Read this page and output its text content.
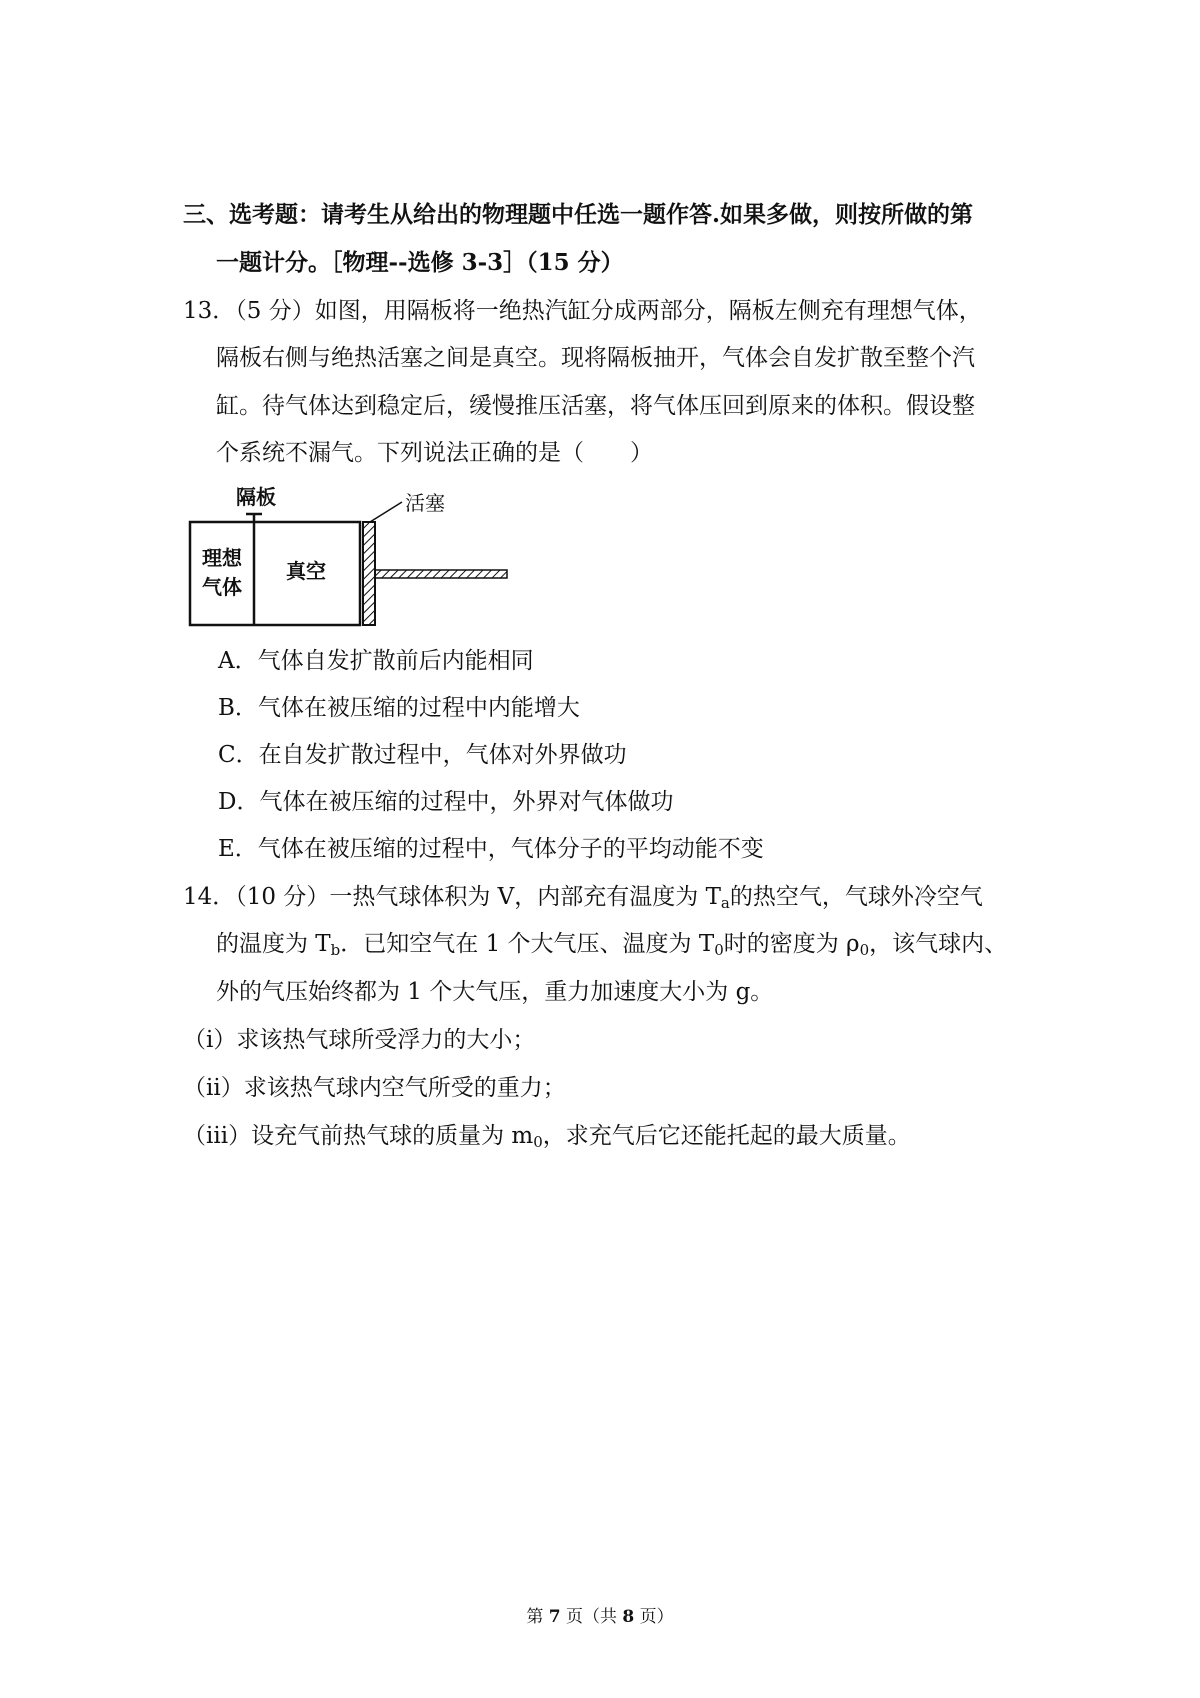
三、选考题：请考生从给出的物理题中任选一题作答.如果多做，则按所做的第
一题计分。［物理--选修 3-3］（15 分）
13．（5 分）如图，用隔板将一绝热汽缸分成两部分，隔板左侧充有理想气体，
隔板右侧与绝热活塞之间是真空。现将隔板抽开，气体会自发扩散至整个汽
缸。待气体达到稳定后，缓慢推压活塞，将气体压回到原来的体积。假设整
个系统不漏气。下列说法正确的是（　　）
隔板	活塞
理想
气体
真空
A．气体自发扩散前后内能相同
B．气体在被压缩的过程中内能增大
C．在自发扩散过程中，气体对外界做功
D．气体在被压缩的过程中，外界对气体做功
E．气体在被压缩的过程中，气体分子的平均动能不变
14．（10 分）一热气球体积为 V，内部充有温度为 $T_a$的热空气，气球外冷空气
的温度为 $T_b$．已知空气在 1 个大气压、温度为 $T_0$时的密度为 $\rho_0$，该气球内、
外的气压始终都为 1 个大气压，重力加速度大小为 g。
（i）求该热气球所受浮力的大小；
（ii）求该热气球内空气所受的重力；
（iii）设充气前热气球的质量为 $m_0$，求充气后它还能托起的最大质量。
第 7 页（共 8 页）
